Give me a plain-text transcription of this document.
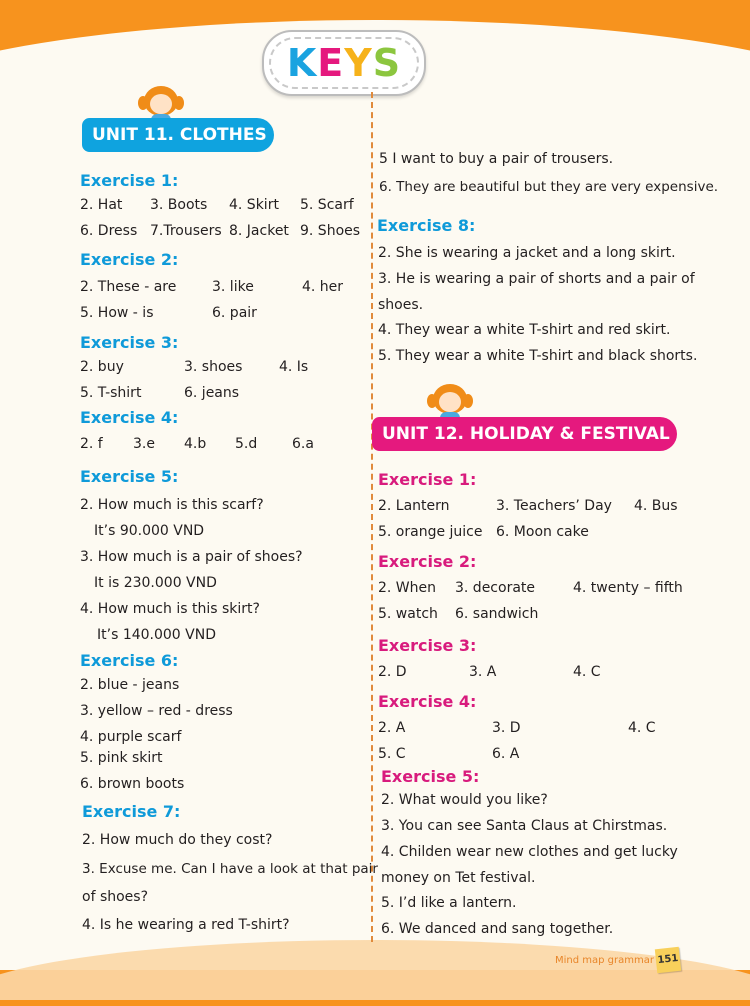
KEYS
UNIT 11. CLOTHES
Exercise 1:
2. Hat 3. Boots 4. Skirt 5. Scarf
6. Dress 7.Trousers 8. Jacket 9. Shoes
Exercise 2:
2. These - are	3. like	4. her
5. How - is	6. pair
Exercise 3:
2. buy	3. shoes	4. Is
5. T-shirt	6. jeans
Exercise 4:
2. f 3.e 4.b 5.d 6.a
Exercise 5:
2. How much is this scarf?
It’s 90.000 VND
3. How much is a pair of shoes?
It is 230.000 VND
4. How much is this skirt?
It’s 140.000 VND
Exercise 6:
2. blue - jeans
3. yellow – red - dress
4. purple scarf
5. pink skirt
6. brown boots
Exercise 7:
2. How much do they cost?
3. Excuse me. Can I have a look at that pair
of shoes?
4. Is he wearing a red T-shirt?
5 I want to buy a pair of trousers.
6. They are beautiful but they are very expensive.
Exercise 8:
2. She is wearing a jacket and a long skirt.
3. He is wearing a pair of shorts and a pair of
shoes.
4. They wear a white T-shirt and red skirt.
5. They wear a white T-shirt and black shorts.
UNIT 12. HOLIDAY & FESTIVAL
Exercise 1:
2. Lantern	3. Teachers’ Day 4. Bus
5. orange juice 6. Moon cake
Exercise 2:
2. When 3. decorate	4. twenty – fifth
5. watch 6. sandwich
Exercise 3:
2. D	3. A	4. C
Exercise 4:
2. A	3. D	4. C
5. C	6. A
Exercise 5:
2. What would you like?
3. You can see Santa Claus at Chirstmas.
4. Childen wear new clothes and get lucky
money on Tet festival.
5. I’d like a lantern.
6. We danced and sang together.
Mind map grammar 151
